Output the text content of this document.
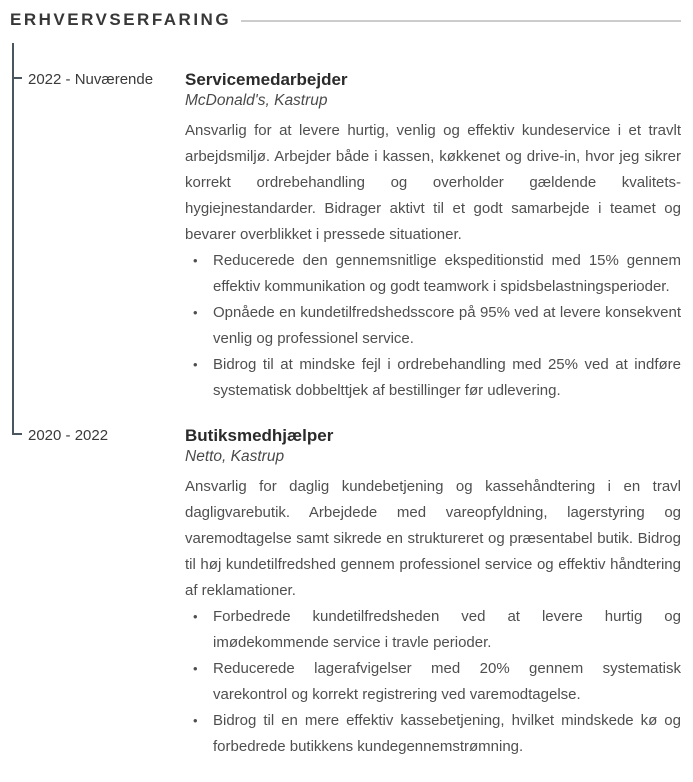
ERHVERVSERFARING
2022 - Nuværende	Servicemedarbejder

McDonald's, Kastrup

Ansvarlig for at levere hurtig, venlig og effektiv kundeservice i et travlt arbejdsmiljø. Arbejder både i kassen, køkkenet og drive-in, hvor jeg sikrer korrekt ordrebehandling og overholder gældende kvalitets-hygiejnestandarder. Bidrager aktivt til et godt samarbejde i teamet og bevarer overblikket i pressede situationer.

• Reducerede den gennemsnitlige ekspeditionstid med 15% gennem effektiv kommunikation og godt teamwork i spidsbelastningsperioder.
• Opnåede en kundetilfredshedsscore på 95% ved at levere konsekvent venlig og professionel service.
• Bidrog til at mindske fejl i ordrebehandling med 25% ved at indføre systematisk dobbelttjek af bestillinger før udlevering.
2020 - 2022	Butiksmedhjælper

Netto, Kastrup

Ansvarlig for daglig kundebetjening og kassehåndtering i en travl dagligvarebutik. Arbejdede med vareopfyldning, lagerstyring og varemodtagelse samt sikrede en struktureret og præsentabel butik. Bidrog til høj kundetilfredshed gennem professionel service og effektiv håndtering af reklamationer.

• Forbedrede kundetilfredsheden ved at levere hurtig og imødekommende service i travle perioder.
• Reducerede lagerafvigelser med 20% gennem systematisk varekontrol og korrekt registrering ved varemodtagelse.
• Bidrog til en mere effektiv kassebetjening, hvilket mindskede kø og forbedrede butikkens kundegennemstrømning.
